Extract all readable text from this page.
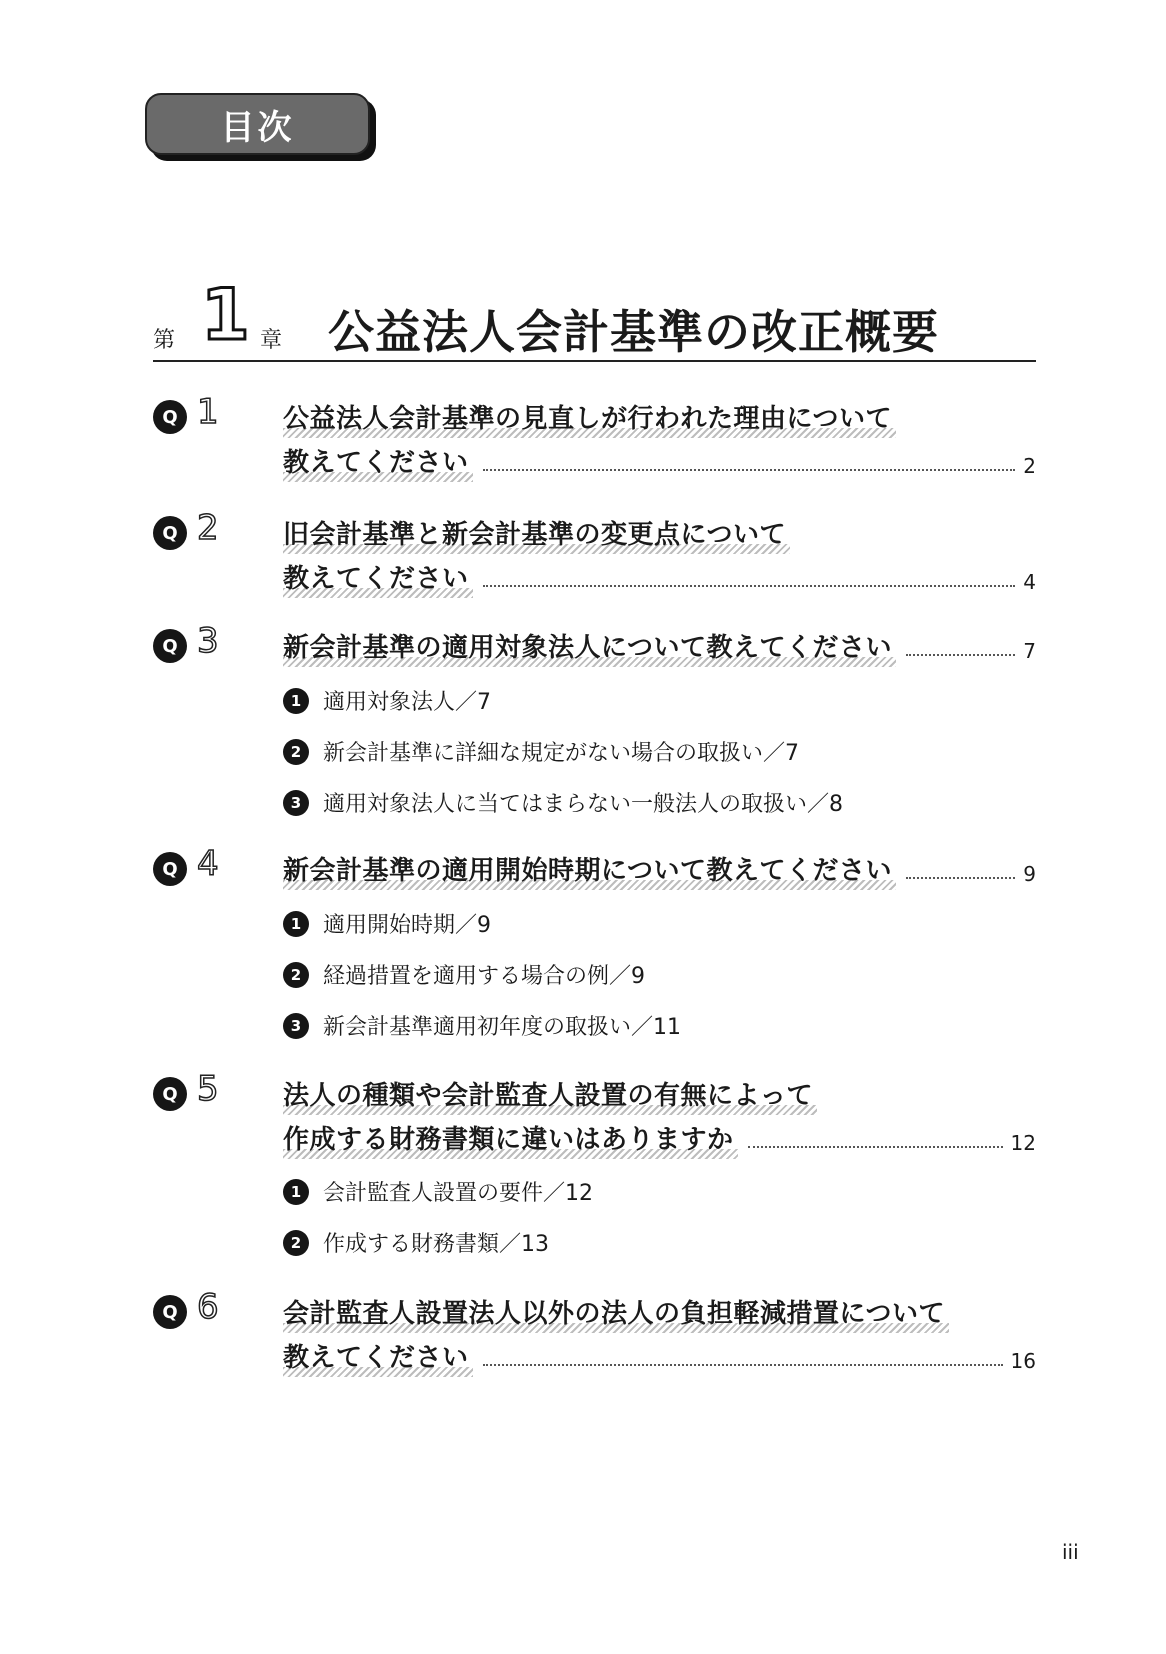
目次
第 1 章 公益法人会計基準の改正概要
Q 1 公益法人会計基準の見直しが行われた理由について
教えてください	2
Q 2 旧会計基準と新会計基準の変更点について
教えてください	4
Q 3 新会計基準の適用対象法人について教えてください	7
1 適用対象法人／7
2 新会計基準に詳細な規定がない場合の取扱い／7
3 適用対象法人に当てはまらない一般法人の取扱い／8
Q 4 新会計基準の適用開始時期について教えてください	9
1 適用開始時期／9
2 経過措置を適用する場合の例／9
3 新会計基準適用初年度の取扱い／11
Q 5 法人の種類や会計監査人設置の有無によって
作成する財務書類に違いはありますか	12
1 会計監査人設置の要件／12
2 作成する財務書類／13
Q 6 会計監査人設置法人以外の法人の負担軽減措置について
教えてください	16
iii
